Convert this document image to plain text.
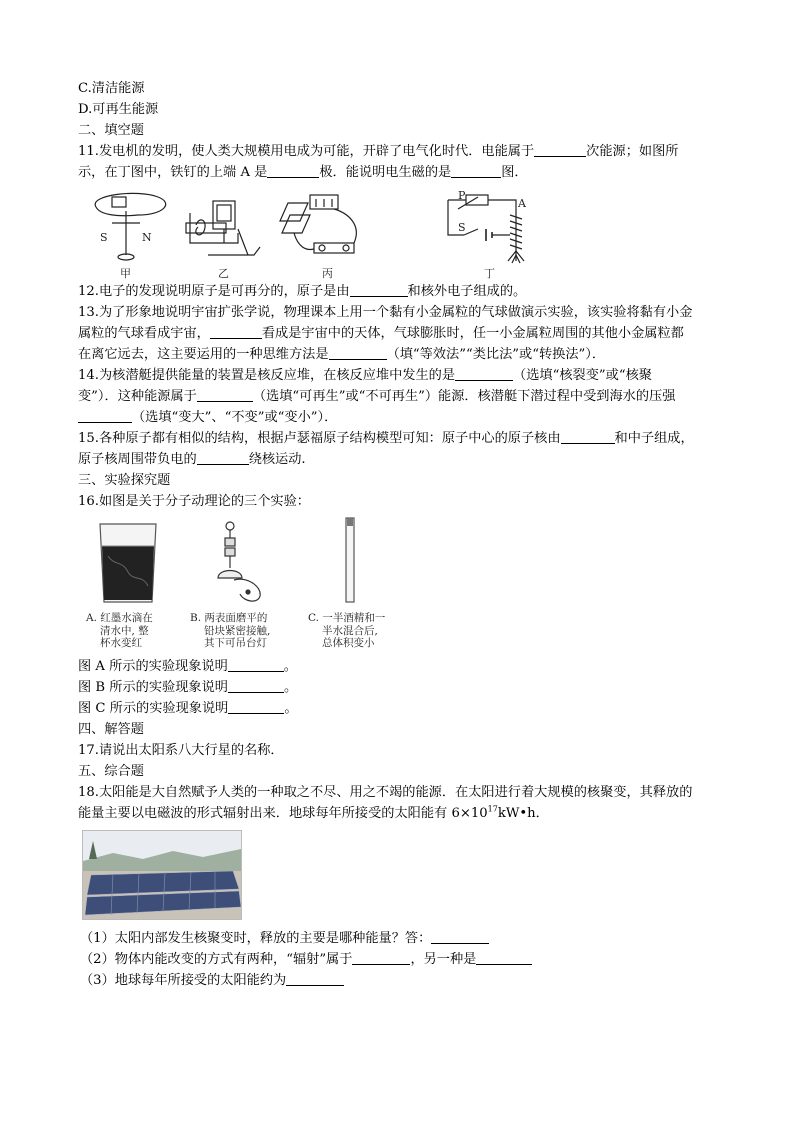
C.清洁能源
D.可再生能源
二、填空题
11.发电机的发明，使人类大规模用电成为可能，开辟了电气化时代．电能属于	次能源；如图所
示，在丁图中，铁钉的上端 A 是	极．能说明电生磁的是	图．
S	N
P
S
A
甲	乙	丙	丁
12.电子的发现说明原子是可再分的，原子是由	和核外电子组成的。
13.为了形象地说明宇宙扩张学说，物理课本上用一个黏有小金属粒的气球做演示实验，该实验将黏有小金
属粒的气球看成宇宙，	看成是宇宙中的天体，气球膨胀时，任一小金属粒周围的其他小金属粒都
在离它远去，这主要运用的一种思维方法是	（填“等效法”“类比法”或“转换法”）．
14.为核潜艇提供能量的装置是核反应堆，在核反应堆中发生的是	（选填“核裂变”或“核聚
变”）．这种能源属于	（选填“可再生”或“不可再生”）能源．核潜艇下潜过程中受到海水的压强
（选填“变大”、“不变”或“变小”）．
15.各种原子都有相似的结构，根据卢瑟福原子结构模型可知：原子中心的原子核由	和中子组成，
原子核周围带负电的	绕核运动.
三、实验探究题
16.如图是关于分子动理论的三个实验：
A. 红墨水滴在
清水中, 整
杯水变红
B. 两表面磨平的
铅块紧密接触,
其下可吊台灯
C. 一半酒精和一
半水混合后,
总体积变小
图 A 所示的实验现象说明	。
图 B 所示的实验现象说明	。
图 C 所示的实验现象说明	。
四、解答题
17.请说出太阳系八大行星的名称．
五、综合题
18.太阳能是大自然赋予人类的一种取之不尽、用之不竭的能源．在太阳进行着大规模的核聚变，其释放的
能量主要以电磁波的形式辐射出来．地球每年所接受的太阳能有 $6\times 10^{17}kW•h$．
（1）太阳内部发生核聚变时，释放的主要是哪种能量？答：
（2）物体内能改变的方式有两种，“辐射”属于	，另一种是
（3）地球每年所接受的太阳能约为
